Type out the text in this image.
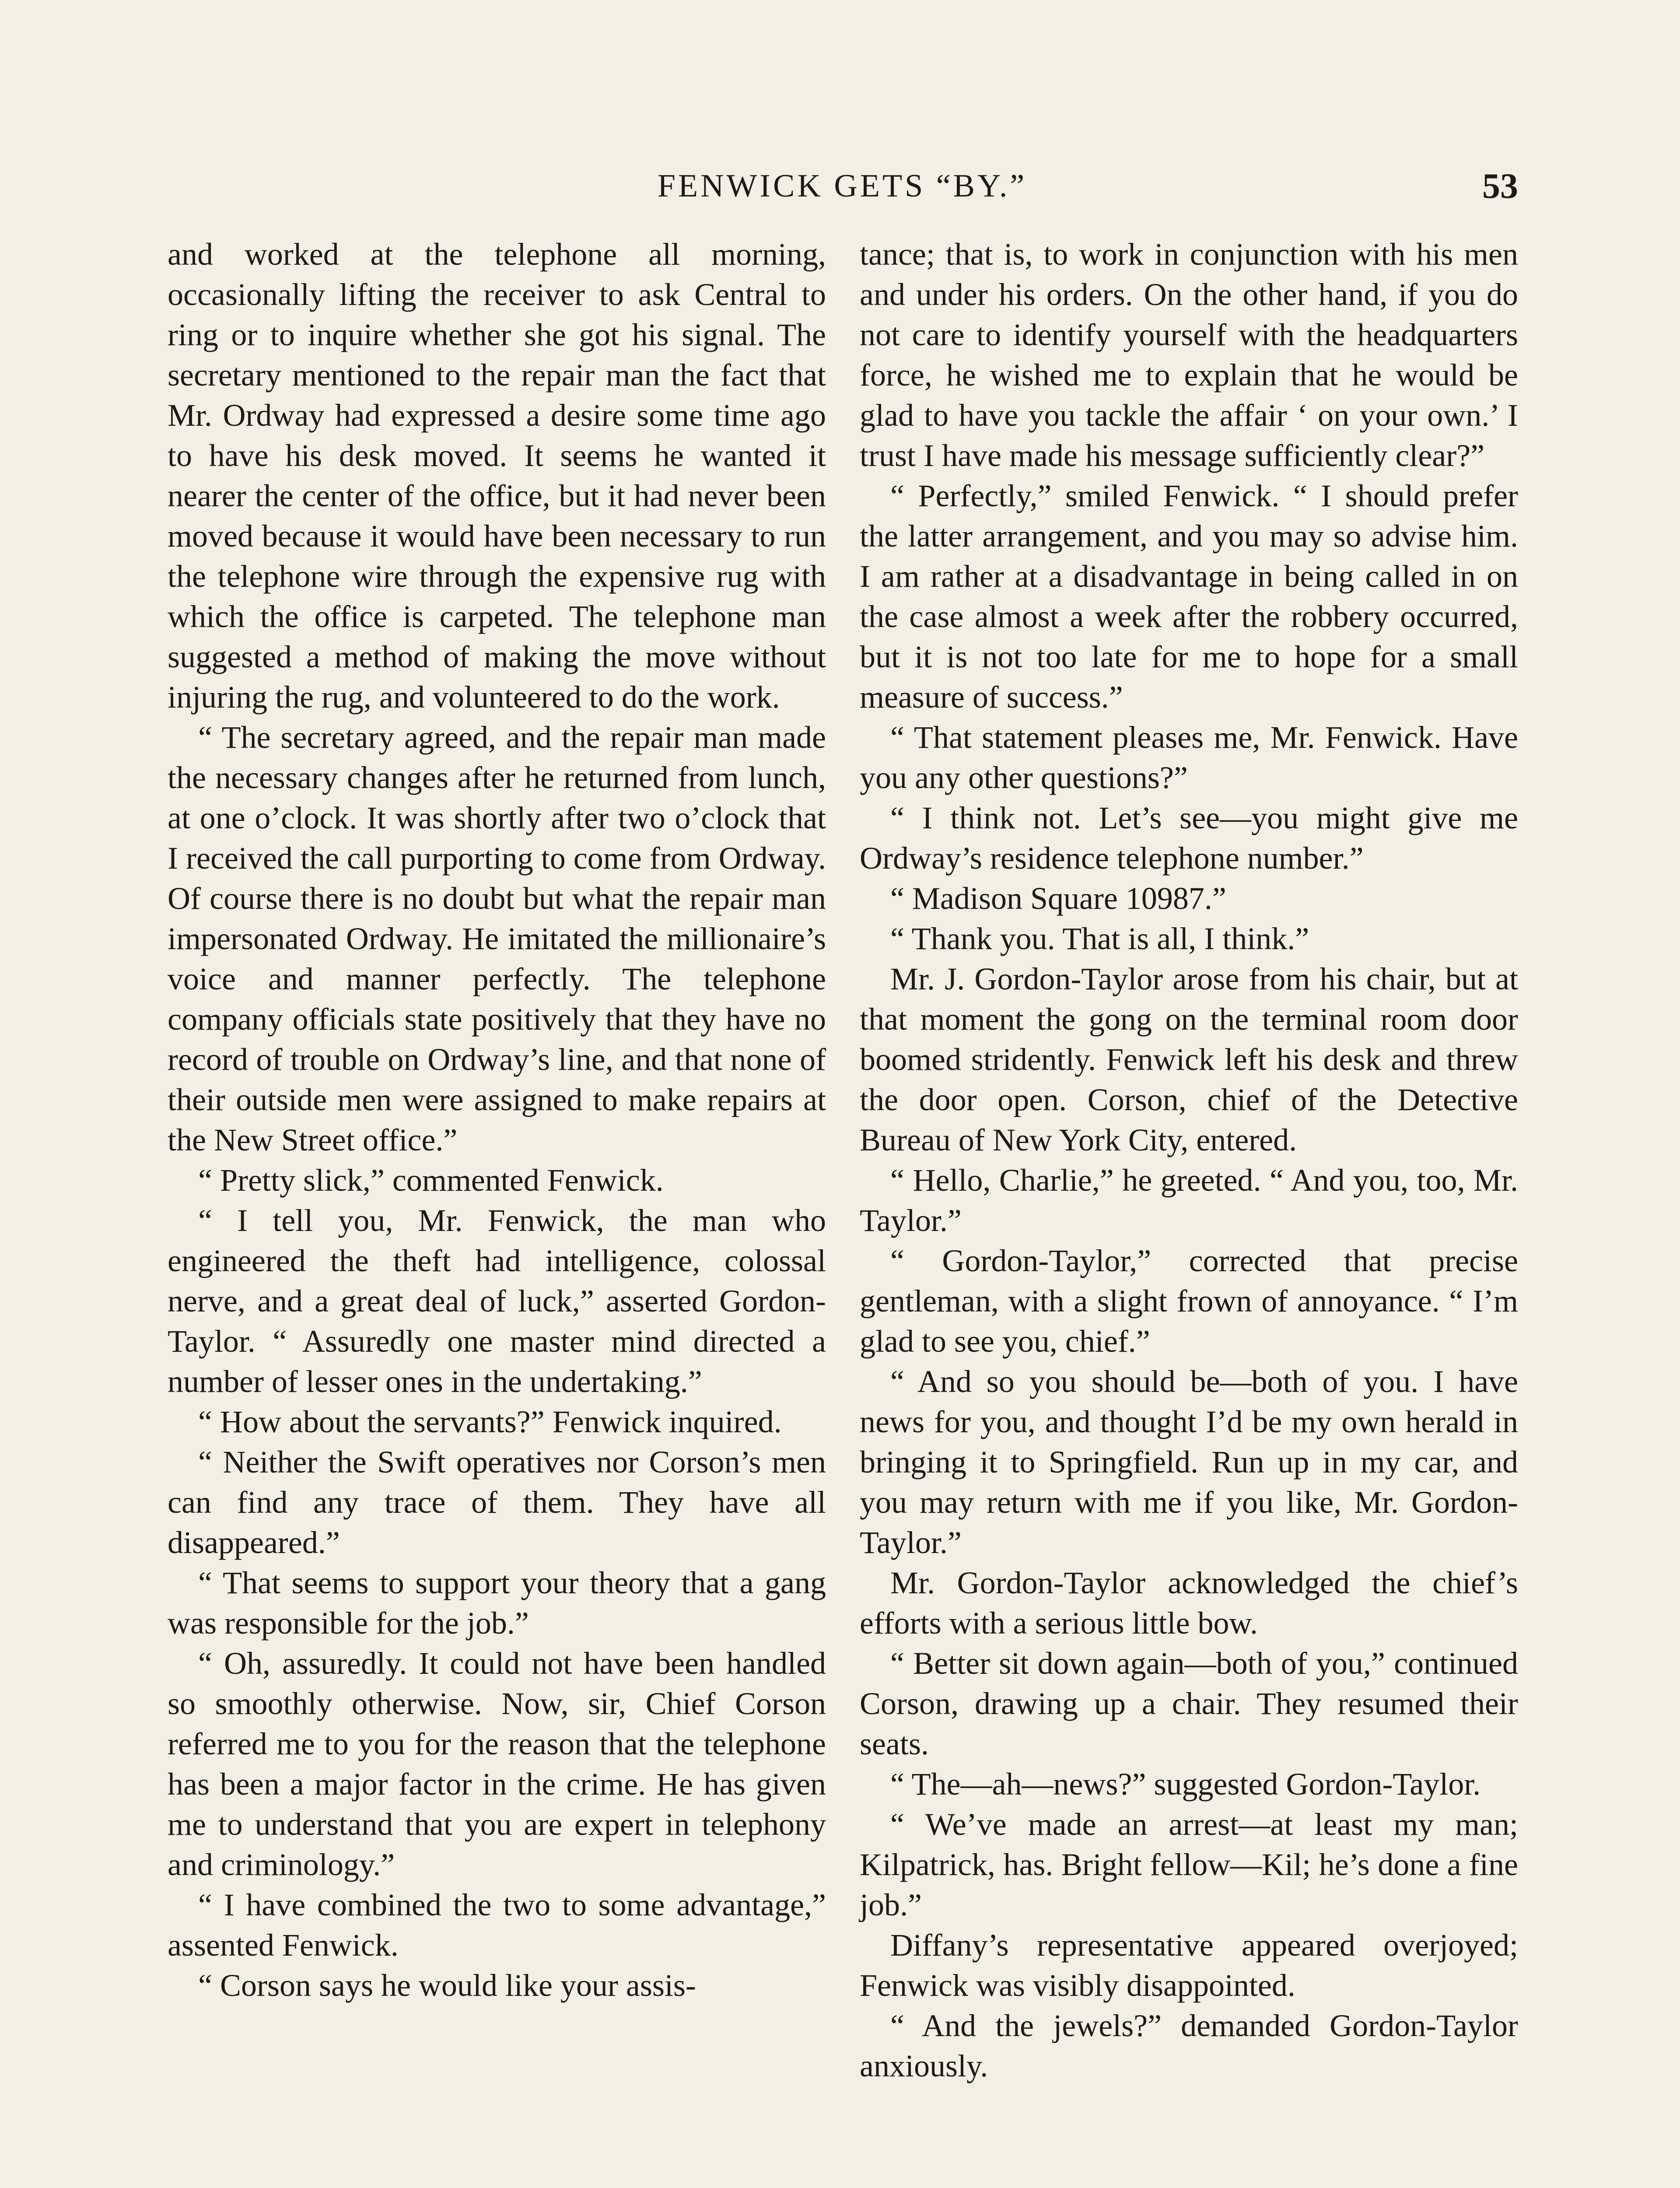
FENWICK GETS “BY.”	53

and worked at the telephone all morning, occasionally lifting the receiver to ask Central to ring or to inquire whether she got his signal. The secretary mentioned to the repair man the fact that Mr. Ordway had expressed a desire some time ago to have his desk moved. It seems he wanted it nearer the center of the office, but it had never been moved because it would have been necessary to run the telephone wire through the expensive rug with which the office is carpeted. The telephone man suggested a method of making the move without injuring the rug, and volunteered to do the work.

“ The secretary agreed, and the repair man made the necessary changes after he returned from lunch, at one o’clock. It was shortly after two o’clock that I received the call purporting to come from Ordway. Of course there is no doubt but what the repair man impersonated Ordway. He imitated the millionaire’s voice and manner perfectly. The telephone company officials state positively that they have no record of trouble on Ordway’s line, and that none of their outside men were assigned to make repairs at the New Street office.”

“ Pretty slick,” commented Fenwick.

“ I tell you, Mr. Fenwick, the man who engineered the theft had intelligence, colossal nerve, and a great deal of luck,” asserted Gordon-Taylor. “ Assuredly one master mind directed a number of lesser ones in the undertaking.”

“ How about the servants?” Fenwick inquired.

“ Neither the Swift operatives nor Corson’s men can find any trace of them. They have all disappeared.”

“ That seems to support your theory that a gang was responsible for the job.”

“ Oh, assuredly. It could not have been handled so smoothly otherwise. Now, sir, Chief Corson referred me to you for the reason that the telephone has been a major factor in the crime. He has given me to understand that you are expert in telephony and criminology.”

“ I have combined the two to some advantage,” assented Fenwick.

“ Corson says he would like your assis-

tance; that is, to work in conjunction with his men and under his orders. On the other hand, if you do not care to identify yourself with the headquarters force, he wished me to explain that he would be glad to have you tackle the affair ‘ on your own.’ I trust I have made his message sufficiently clear?”

“ Perfectly,” smiled Fenwick. “ I should prefer the latter arrangement, and you may so advise him. I am rather at a disadvantage in being called in on the case almost a week after the robbery occurred, but it is not too late for me to hope for a small measure of success.”

“ That statement pleases me, Mr. Fenwick. Have you any other questions?”

“ I think not. Let’s see—you might give me Ordway’s residence telephone number.”

“ Madison Square 10987.”

“ Thank you. That is all, I think.”

Mr. J. Gordon-Taylor arose from his chair, but at that moment the gong on the terminal room door boomed stridently. Fenwick left his desk and threw the door open. Corson, chief of the Detective Bureau of New York City, entered.

“ Hello, Charlie,” he greeted. “ And you, too, Mr. Taylor.”

“ Gordon-Taylor,” corrected that precise gentleman, with a slight frown of annoyance. “ I’m glad to see you, chief.”

“ And so you should be—both of you. I have news for you, and thought I’d be my own herald in bringing it to Springfield. Run up in my car, and you may return with me if you like, Mr. Gordon-Taylor.”

Mr. Gordon-Taylor acknowledged the chief’s efforts with a serious little bow.

“ Better sit down again—both of you,” continued Corson, drawing up a chair. They resumed their seats.

“ The—ah—news?” suggested Gordon-Taylor.

“ We’ve made an arrest—at least my man; Kilpatrick, has. Bright fellow—Kil; he’s done a fine job.”

Diffany’s representative appeared overjoyed; Fenwick was visibly disappointed.

“ And the jewels?” demanded Gordon-Taylor anxiously.
